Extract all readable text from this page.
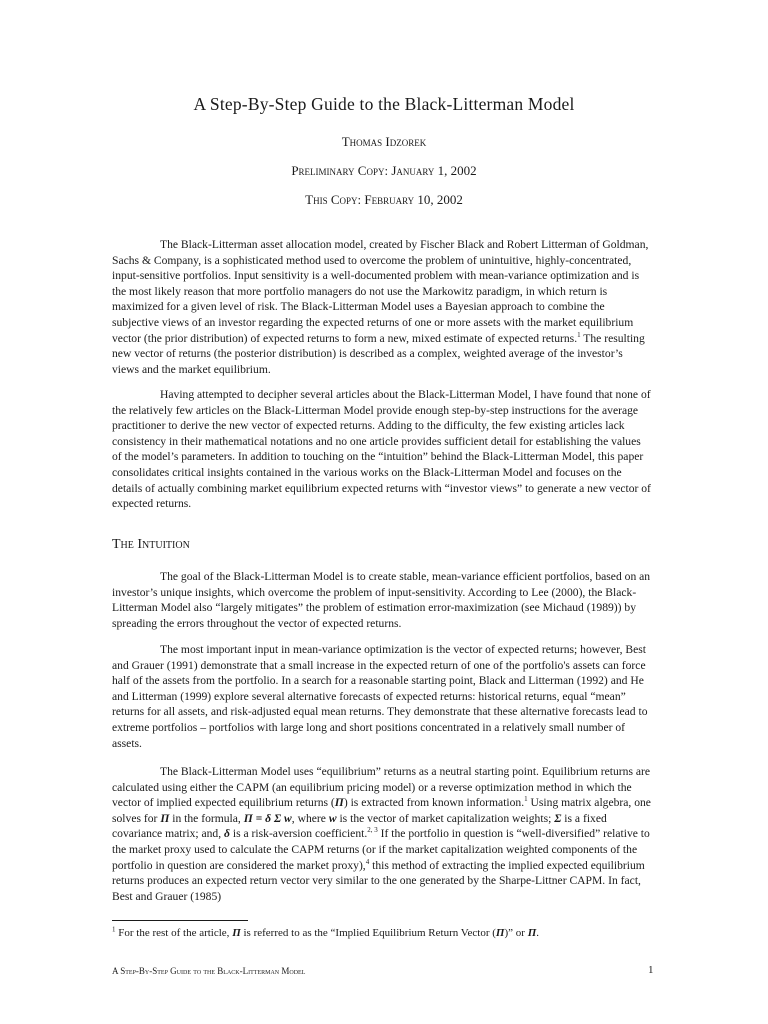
A Step-By-Step Guide to the Black-Litterman Model
Thomas Idzorek
Preliminary Copy: January 1, 2002
This Copy: February 10, 2002

The Black-Litterman asset allocation model, created by Fischer Black and Robert Litterman of Goldman, Sachs & Company, is a sophisticated method used to overcome the problem of unintuitive, highly-concentrated, input-sensitive portfolios. Input sensitivity is a well-documented problem with mean-variance optimization and is the most likely reason that more portfolio managers do not use the Markowitz paradigm, in which return is maximized for a given level of risk. The Black-Litterman Model uses a Bayesian approach to combine the subjective views of an investor regarding the expected returns of one or more assets with the market equilibrium vector (the prior distribution) of expected returns to form a new, mixed estimate of expected returns.$^1$ The resulting new vector of returns (the posterior distribution) is described as a complex, weighted average of the investor’s views and the market equilibrium.

Having attempted to decipher several articles about the Black-Litterman Model, I have found that none of the relatively few articles on the Black-Litterman Model provide enough step-by-step instructions for the average practitioner to derive the new vector of expected returns. Adding to the difficulty, the few existing articles lack consistency in their mathematical notations and no one article provides sufficient detail for establishing the values of the model’s parameters. In addition to touching on the “intuition” behind the Black-Litterman Model, this paper consolidates critical insights contained in the various works on the Black-Litterman Model and focuses on the details of actually combining market equilibrium expected returns with “investor views” to generate a new vector of expected returns.

The Intuition

The goal of the Black-Litterman Model is to create stable, mean-variance efficient portfolios, based on an investor’s unique insights, which overcome the problem of input-sensitivity. According to Lee (2000), the Black-Litterman Model also “largely mitigates” the problem of estimation error-maximization (see Michaud (1989)) by spreading the errors throughout the vector of expected returns.

The most important input in mean-variance optimization is the vector of expected returns; however, Best and Grauer (1991) demonstrate that a small increase in the expected return of one of the portfolio's assets can force half of the assets from the portfolio. In a search for a reasonable starting point, Black and Litterman (1992) and He and Litterman (1999) explore several alternative forecasts of expected returns: historical returns, equal “mean” returns for all assets, and risk-adjusted equal mean returns. They demonstrate that these alternative forecasts lead to extreme portfolios – portfolios with large long and short positions concentrated in a relatively small number of assets.

The Black-Litterman Model uses “equilibrium” returns as a neutral starting point. Equilibrium returns are calculated using either the CAPM (an equilibrium pricing model) or a reverse optimization method in which the vector of implied expected equilibrium returns (Π) is extracted from known information.$^1$ Using matrix algebra, one solves for Π in the formula, Π = δ Σ w, where w is the vector of market capitalization weights; Σ is a fixed covariance matrix; and, δ is a risk-aversion coefficient.$^{2, 3}$ If the portfolio in question is “well-diversified” relative to the market proxy used to calculate the CAPM returns (or if the market capitalization weighted components of the portfolio in question are considered the market proxy),$^4$ this method of extracting the implied expected equilibrium returns produces an expected return vector very similar to the one generated by the Sharpe-Littner CAPM. In fact, Best and Grauer (1985)

$^1$ For the rest of the article, Π is referred to as the “Implied Equilibrium Return Vector (Π)” or Π.
A Step-By-Step Guide to the Black-Litterman Model	1
